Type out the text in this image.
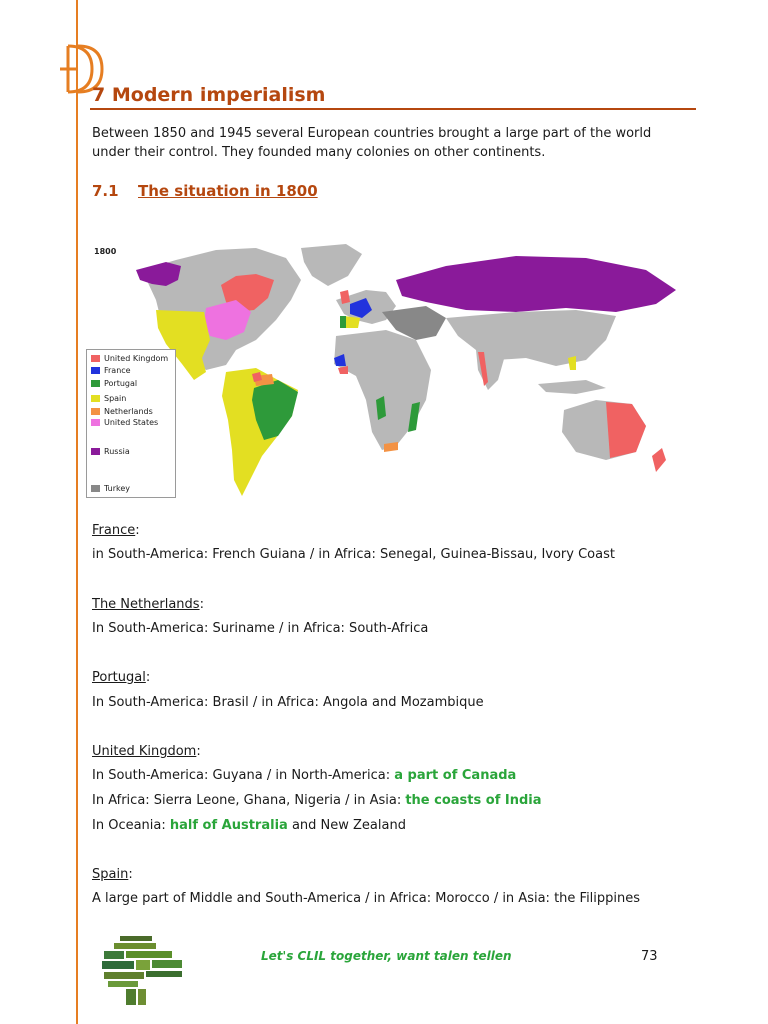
7 Modern imperialism
Between 1850 and 1945 several European countries brought a large part of the world under their control. They founded many colonies on other continents.
7.1 The situation in 1800
1800
United Kingdom
France
Portugal
Spain
Netherlands
United States
Russia
Turkey
France:
in South-America: French Guiana / in Africa: Senegal, Guinea-Bissau, Ivory Coast
The Netherlands:
In South-America: Suriname / in Africa: South-Africa
Portugal:
In South-America: Brasil / in Africa: Angola and Mozambique
United Kingdom:
In South-America: Guyana / in North-America: a part of Canada
In Africa: Sierra Leone, Ghana, Nigeria / in Asia: the coasts of India
In Oceania: half of Australia and New Zealand
Spain:
A large part of Middle and South-America / in Africa: Morocco / in Asia: the Filippines
Let's CLIL together, want talen tellen	73
